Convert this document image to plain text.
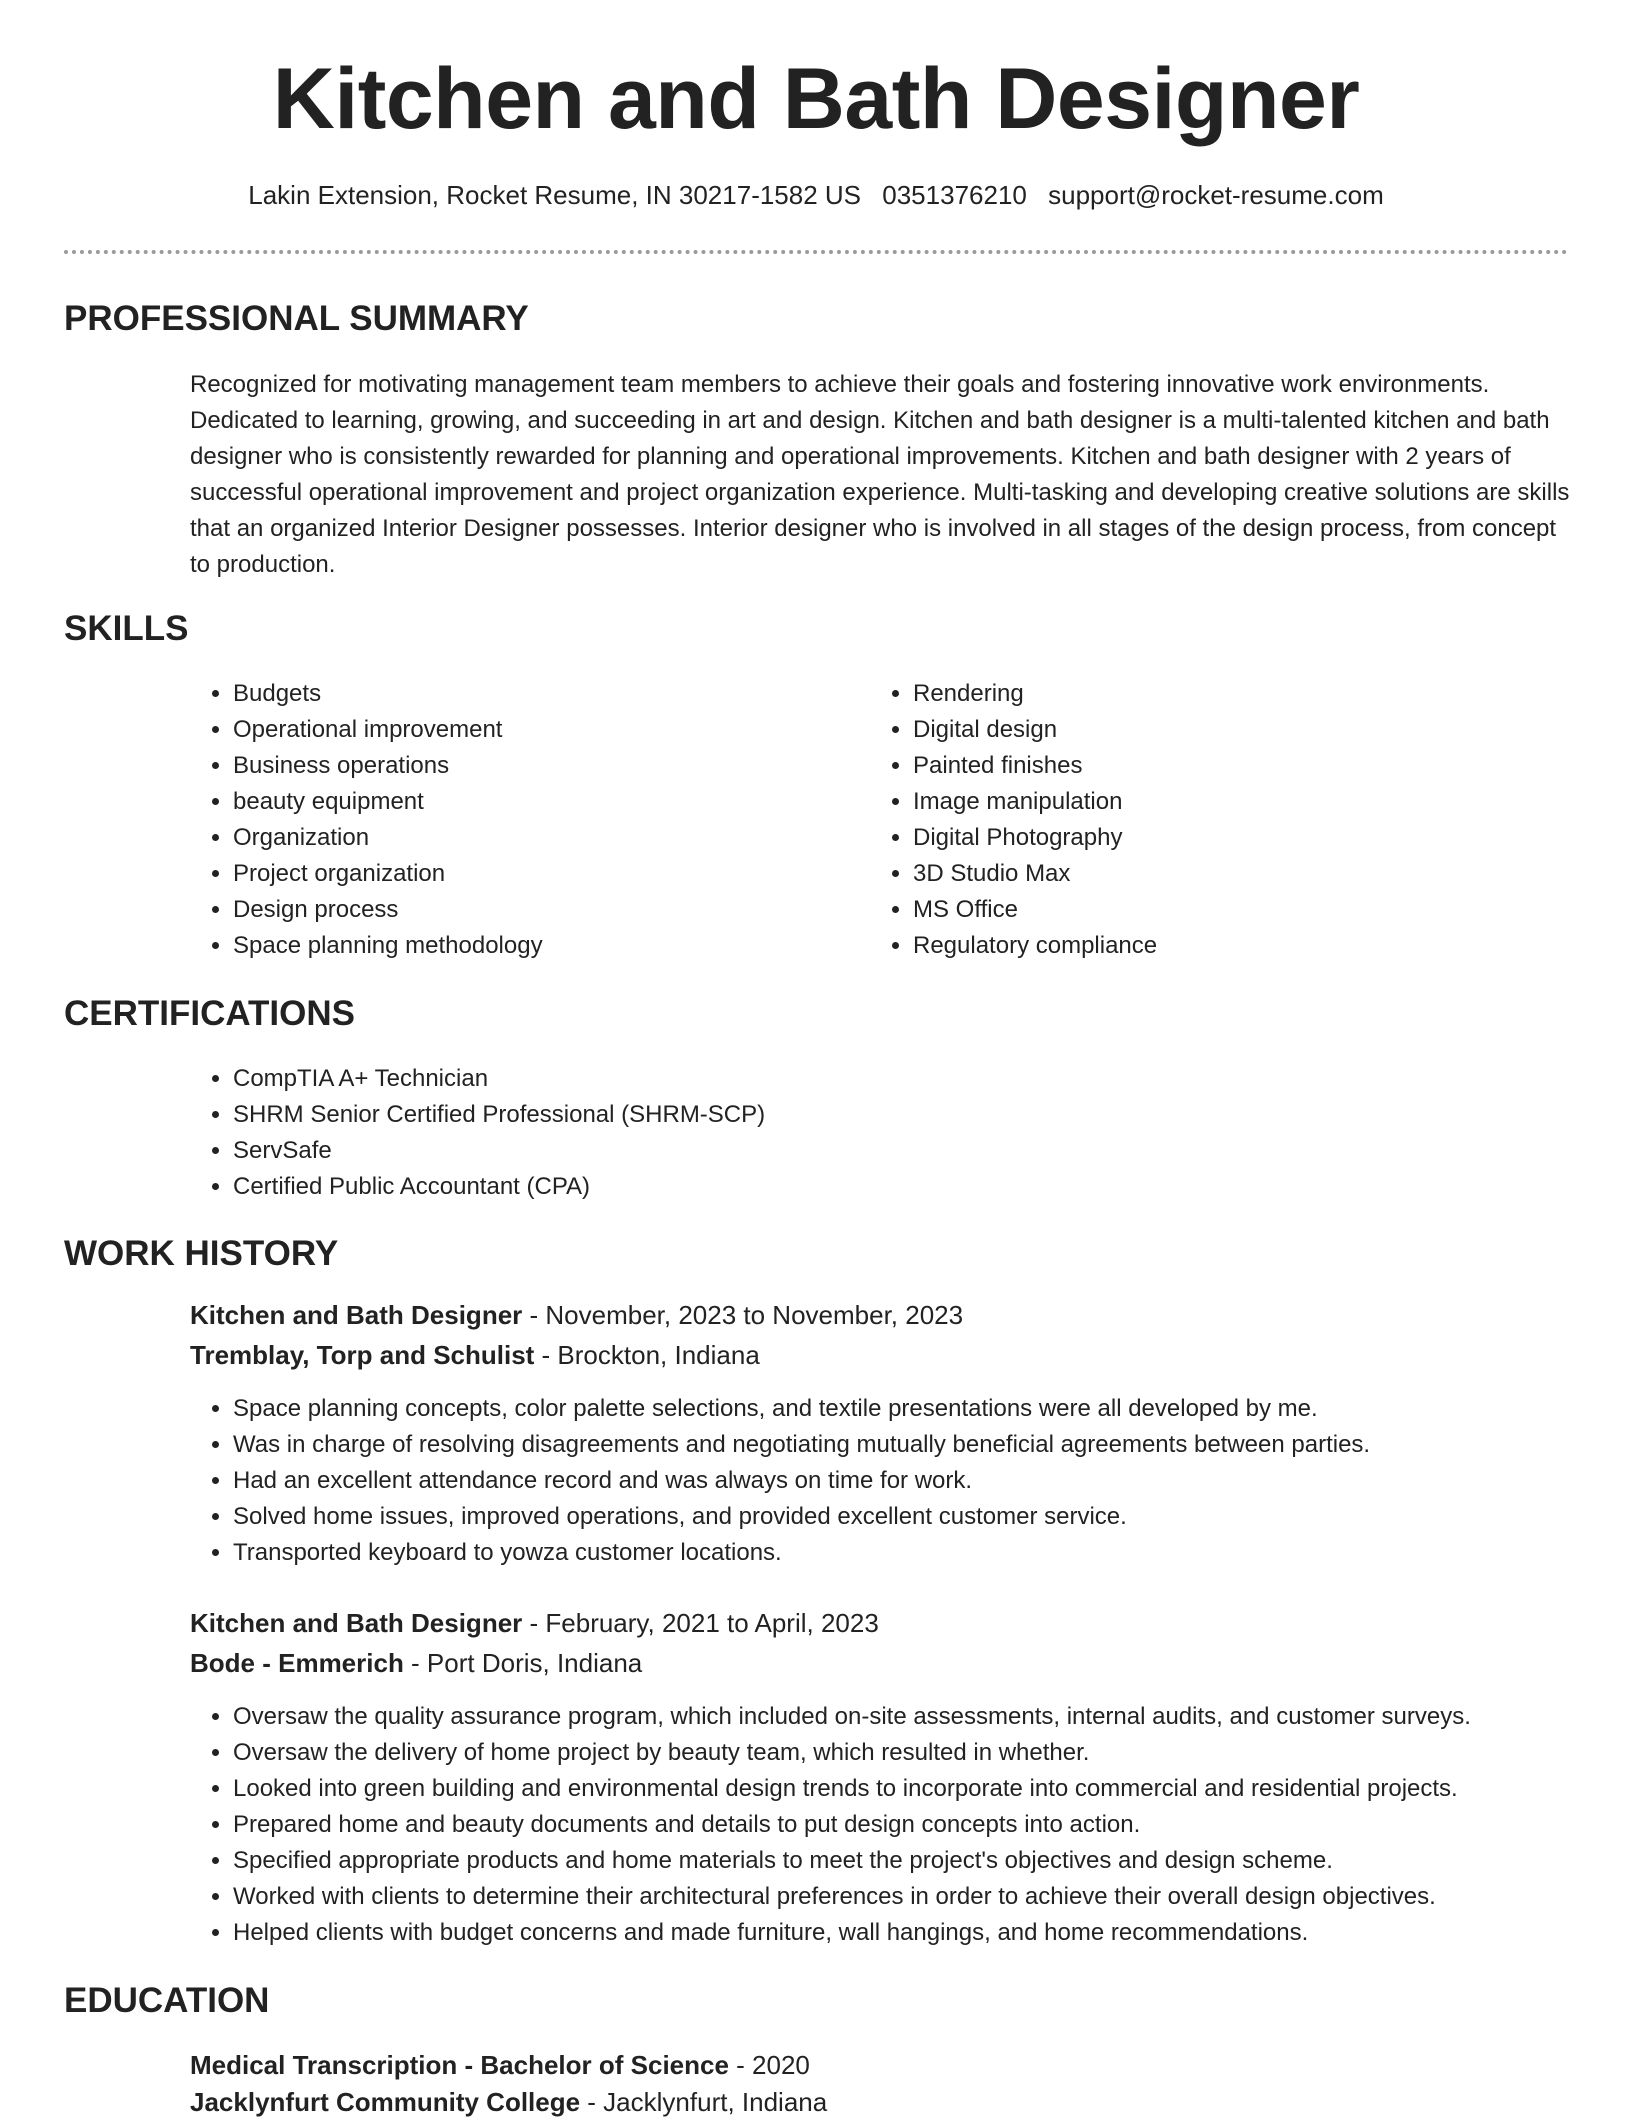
Kitchen and Bath Designer
Lakin Extension, Rocket Resume, IN 30217-1582 US 0351376210 support@rocket-resume.com
PROFESSIONAL SUMMARY

Recognized for motivating management team members to achieve their goals and fostering innovative work environments. Dedicated to learning, growing, and succeeding in art and design. Kitchen and bath designer is a multi-talented kitchen and bath designer who is consistently rewarded for planning and operational improvements. Kitchen and bath designer with 2 years of successful operational improvement and project organization experience. Multi-tasking and developing creative solutions are skills that an organized Interior Designer possesses. Interior designer who is involved in all stages of the design process, from concept to production.

SKILLS
• Budgets
• Operational improvement
• Business operations
• beauty equipment
• Organization
• Project organization
• Design process
• Space planning methodology
• Rendering
• Digital design
• Painted finishes
• Image manipulation
• Digital Photography
• 3D Studio Max
• MS Office
• Regulatory compliance
CERTIFICATIONS
• CompTIA A+ Technician
• SHRM Senior Certified Professional (SHRM-SCP)
• ServSafe
• Certified Public Accountant (CPA)
WORK HISTORY
Kitchen and Bath Designer - November, 2023 to November, 2023
Tremblay, Torp and Schulist - Brockton, Indiana
• Space planning concepts, color palette selections, and textile presentations were all developed by me.
• Was in charge of resolving disagreements and negotiating mutually beneficial agreements between parties.
• Had an excellent attendance record and was always on time for work.
• Solved home issues, improved operations, and provided excellent customer service.
• Transported keyboard to yowza customer locations.
Kitchen and Bath Designer - February, 2021 to April, 2023
Bode - Emmerich - Port Doris, Indiana
• Oversaw the quality assurance program, which included on-site assessments, internal audits, and customer surveys.
• Oversaw the delivery of home project by beauty team, which resulted in whether.
• Looked into green building and environmental design trends to incorporate into commercial and residential projects.
• Prepared home and beauty documents and details to put design concepts into action.
• Specified appropriate products and home materials to meet the project's objectives and design scheme.
• Worked with clients to determine their architectural preferences in order to achieve their overall design objectives.
• Helped clients with budget concerns and made furniture, wall hangings, and home recommendations.
EDUCATION
Medical Transcription - Bachelor of Science - 2020
Jacklynfurt Community College - Jacklynfurt, Indiana
